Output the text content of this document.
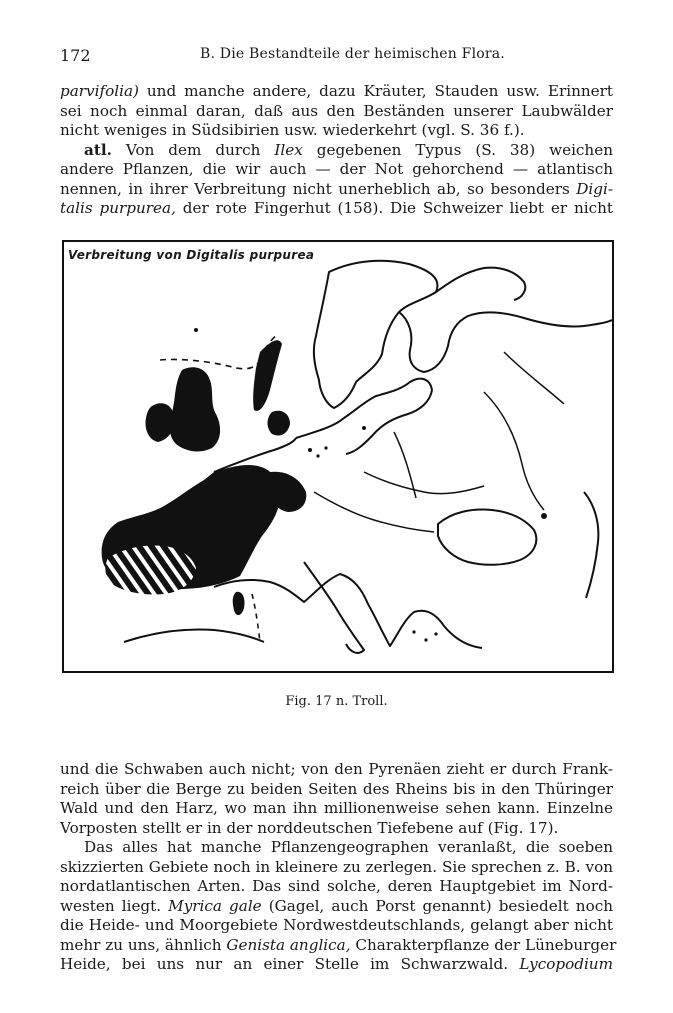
172	B. Die Bestandteile der heimischen Flora.
parvifolia) und manche andere, dazu Kräuter, Stauden usw. Erinnert
sei noch einmal daran, daß aus den Beständen unserer Laubwälder
nicht weniges in Südsibirien usw. wiederkehrt (vgl. S. 36 f.).
atl. Von dem durch Ilex gegebenen Typus (S. 38) weichen
andere Pflanzen, die wir auch — der Not gehorchend — atlantisch
nennen, in ihrer Verbreitung nicht unerheblich ab, so besonders Digi-
talis purpurea, der rote Fingerhut (158). Die Schweizer liebt er nicht
Verbreitung von Digitalis purpurea
Fig. 17 n. Troll.
und die Schwaben auch nicht; von den Pyrenäen zieht er durch Frank-
reich über die Berge zu beiden Seiten des Rheins bis in den Thüringer
Wald und den Harz, wo man ihn millionenweise sehen kann. Einzelne
Vorposten stellt er in der norddeutschen Tiefebene auf (Fig. 17).
Das alles hat manche Pflanzengeographen veranlaßt, die soeben
skizzierten Gebiete noch in kleinere zu zerlegen. Sie sprechen z. B. von
nordatlantischen Arten. Das sind solche, deren Hauptgebiet im Nord-
westen liegt. Myrica gale (Gagel, auch Porst genannt) besiedelt noch
die Heide- und Moorgebiete Nordwestdeutschlands, gelangt aber nicht
mehr zu uns, ähnlich Genista anglica, Charakterpflanze der Lüneburger
Heide, bei uns nur an einer Stelle im Schwarzwald. Lycopodium
